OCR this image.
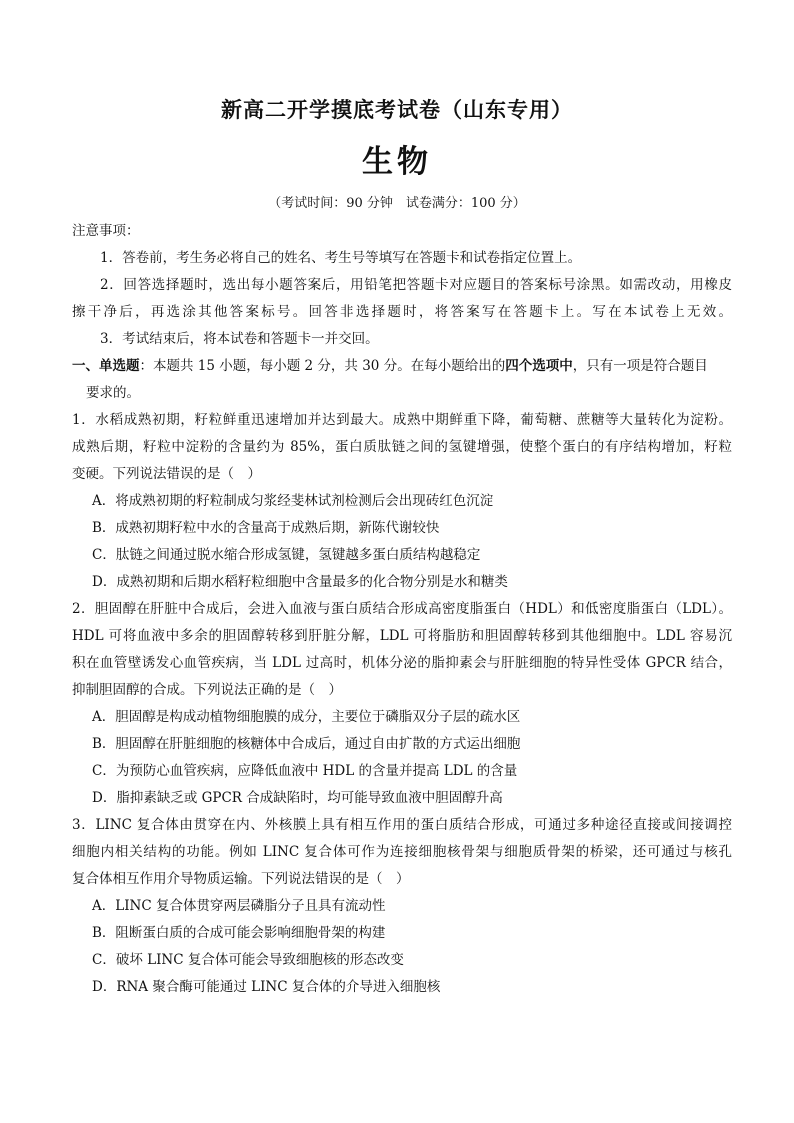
新高二开学摸底考试卷（山东专用）
生物
（考试时间：90 分钟　试卷满分：100 分）
注意事项：
1．答卷前，考生务必将自己的姓名、考生号等填写在答题卡和试卷指定位置上。
2．回答选择题时，选出每小题答案后，用铅笔把答题卡对应题目的答案标号涂黑。如需改动，用橡皮
擦干净后，再选涂其他答案标号。回答非选择题时，将答案写在答题卡上。写在本试卷上无效。
3．考试结束后，将本试卷和答题卡一并交回。
一、单选题：本题共 15 小题，每小题 2 分，共 30 分。在每小题给出的四个选项中，只有一项是符合题目
要求的。
1．水稻成熟初期，籽粒鲜重迅速增加并达到最大。成熟中期鲜重下降，葡萄糖、蔗糖等大量转化为淀粉。
成熟后期，籽粒中淀粉的含量约为 85%，蛋白质肽链之间的氢键增强，使整个蛋白的有序结构增加，籽粒
变硬。下列说法错误的是（　）
A．将成熟初期的籽粒制成匀浆经斐林试剂检测后会出现砖红色沉淀
B．成熟初期籽粒中水的含量高于成熟后期，新陈代谢较快
C．肽链之间通过脱水缩合形成氢键，氢键越多蛋白质结构越稳定
D．成熟初期和后期水稻籽粒细胞中含量最多的化合物分别是水和糖类
2．胆固醇在肝脏中合成后，会进入血液与蛋白质结合形成高密度脂蛋白（HDL）和低密度脂蛋白（LDL）。
HDL 可将血液中多余的胆固醇转移到肝脏分解，LDL 可将脂肪和胆固醇转移到其他细胞中。LDL 容易沉
积在血管壁诱发心血管疾病，当 LDL 过高时，机体分泌的脂抑素会与肝脏细胞的特异性受体 GPCR 结合，
抑制胆固醇的合成。下列说法正确的是（　）
A．胆固醇是构成动植物细胞膜的成分，主要位于磷脂双分子层的疏水区
B．胆固醇在肝脏细胞的核糖体中合成后，通过自由扩散的方式运出细胞
C．为预防心血管疾病，应降低血液中 HDL 的含量并提高 LDL 的含量
D．脂抑素缺乏或 GPCR 合成缺陷时，均可能导致血液中胆固醇升高
3．LINC 复合体由贯穿在内、外核膜上具有相互作用的蛋白质结合形成，可通过多种途径直接或间接调控
细胞内相关结构的功能。例如 LINC 复合体可作为连接细胞核骨架与细胞质骨架的桥梁，还可通过与核孔
复合体相互作用介导物质运输。下列说法错误的是（　）
A．LINC 复合体贯穿两层磷脂分子且具有流动性
B．阻断蛋白质的合成可能会影响细胞骨架的构建
C．破坏 LINC 复合体可能会导致细胞核的形态改变
D．RNA 聚合酶可能通过 LINC 复合体的介导进入细胞核
